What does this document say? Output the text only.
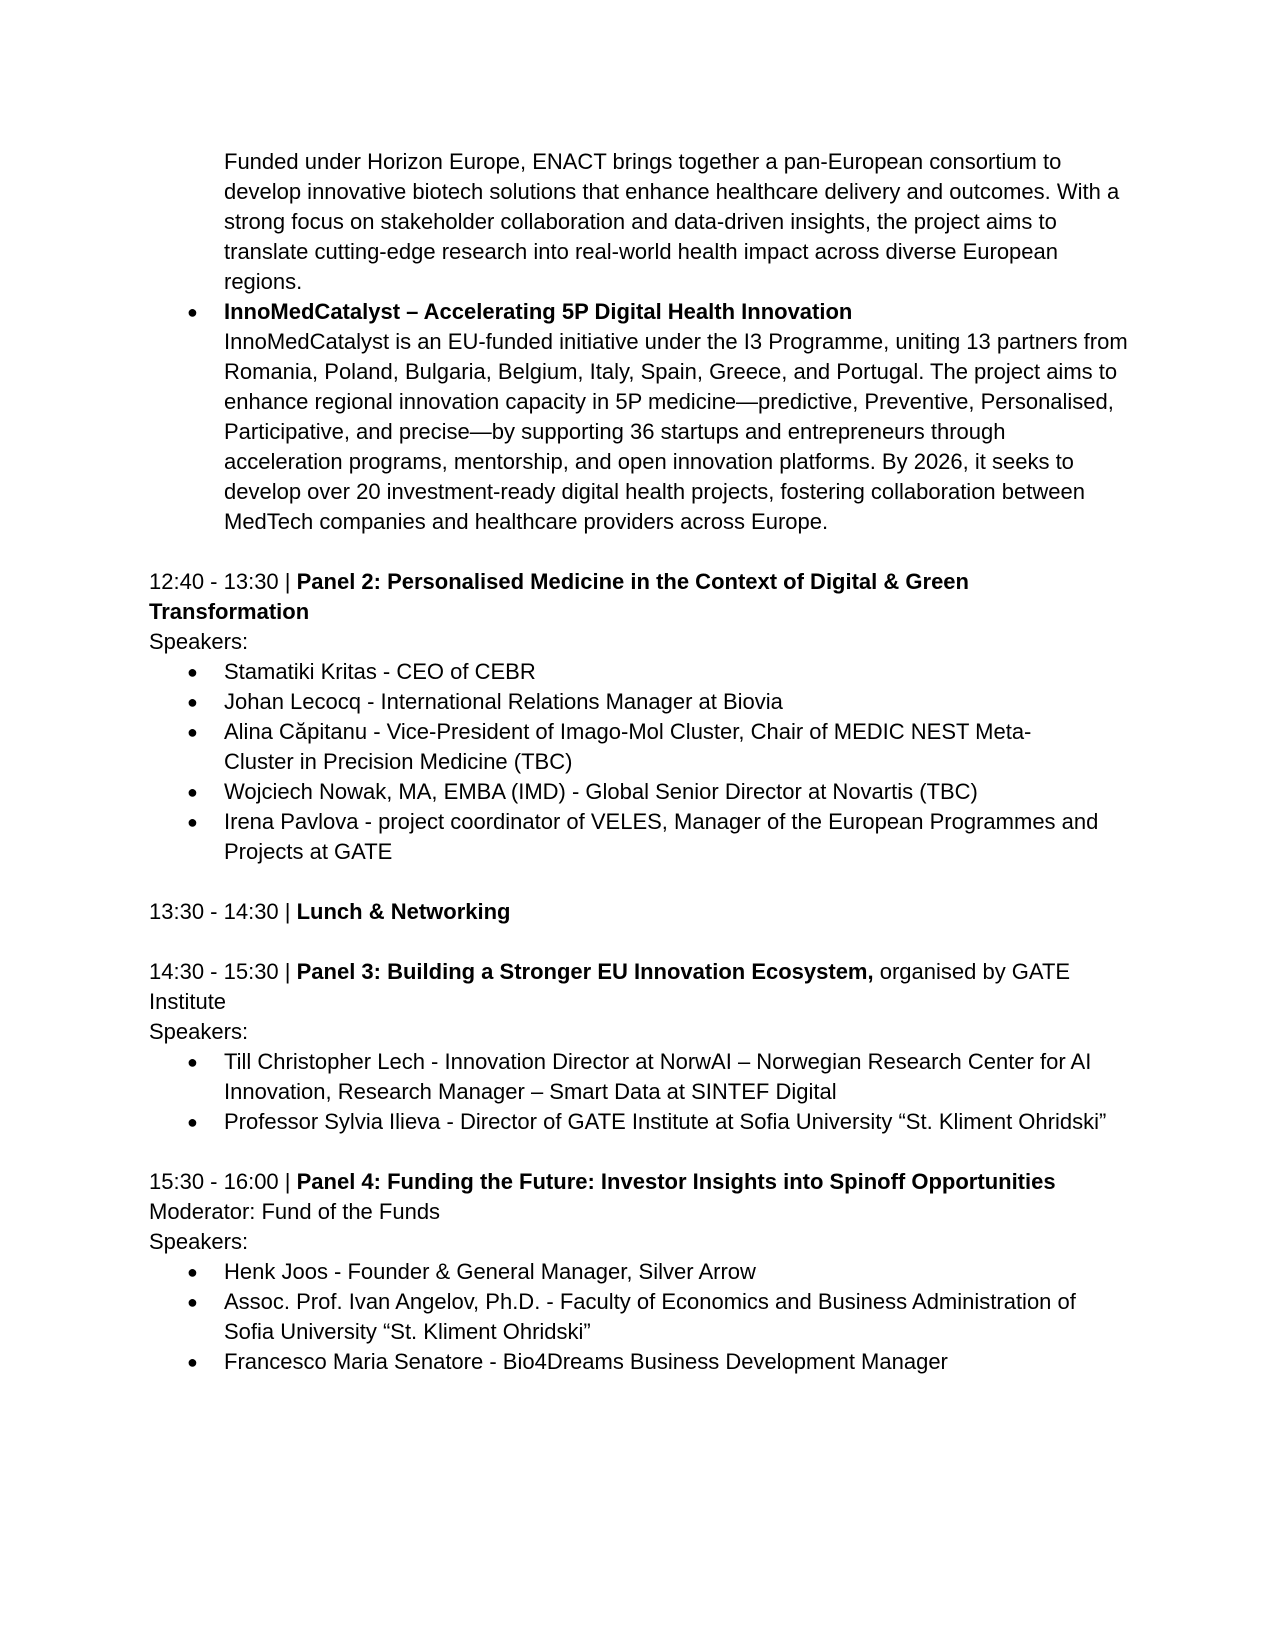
Funded under Horizon Europe, ENACT brings together a pan-European consortium to develop innovative biotech solutions that enhance healthcare delivery and outcomes. With a strong focus on stakeholder collaboration and data-driven insights, the project aims to translate cutting-edge research into real-world health impact across diverse European regions.

● InnoMedCatalyst – Accelerating 5P Digital Health Innovation
InnoMedCatalyst is an EU-funded initiative under the I3 Programme, uniting 13 partners from Romania, Poland, Bulgaria, Belgium, Italy, Spain, Greece, and Portugal. The project aims to enhance regional innovation capacity in 5P medicine—predictive, Preventive, Personalised, Participative, and precise—by supporting 36 startups and entrepreneurs through acceleration programs, mentorship, and open innovation platforms. By 2026, it seeks to develop over 20 investment-ready digital health projects, fostering collaboration between MedTech companies and healthcare providers across Europe.

12:40 - 13:30 | Panel 2: Personalised Medicine in the Context of Digital & Green Transformation

Speakers:

● Stamatiki Kritas - CEO of CEBR
● Johan Lecocq - International Relations Manager at Biovia
● Alina Căpitanu - Vice-President of Imago-Mol Cluster, Chair of MEDIC NEST Meta-Cluster in Precision Medicine (TBC)
● Wojciech Nowak, MA, EMBA (IMD) - Global Senior Director at Novartis (TBC)
● Irena Pavlova - project coordinator of VELES, Manager of the European Programmes and Projects at GATE

13:30 - 14:30 | Lunch & Networking

14:30 - 15:30 | Panel 3: Building a Stronger EU Innovation Ecosystem, organised by GATE Institute

Speakers:

● Till Christopher Lech - Innovation Director at NorwAI – Norwegian Research Center for AI Innovation, Research Manager – Smart Data at SINTEF Digital
● Professor Sylvia Ilieva - Director of GATE Institute at Sofia University “St. Kliment Ohridski”

15:30 - 16:00 | Panel 4: Funding the Future: Investor Insights into Spinoff Opportunities

Moderator: Fund of the Funds

Speakers:

● Henk Joos - Founder & General Manager, Silver Arrow
● Assoc. Prof. Ivan Angelov, Ph.D. - Faculty of Economics and Business Administration of Sofia University “St. Kliment Ohridski”
● Francesco Maria Senatore - Bio4Dreams Business Development Manager
